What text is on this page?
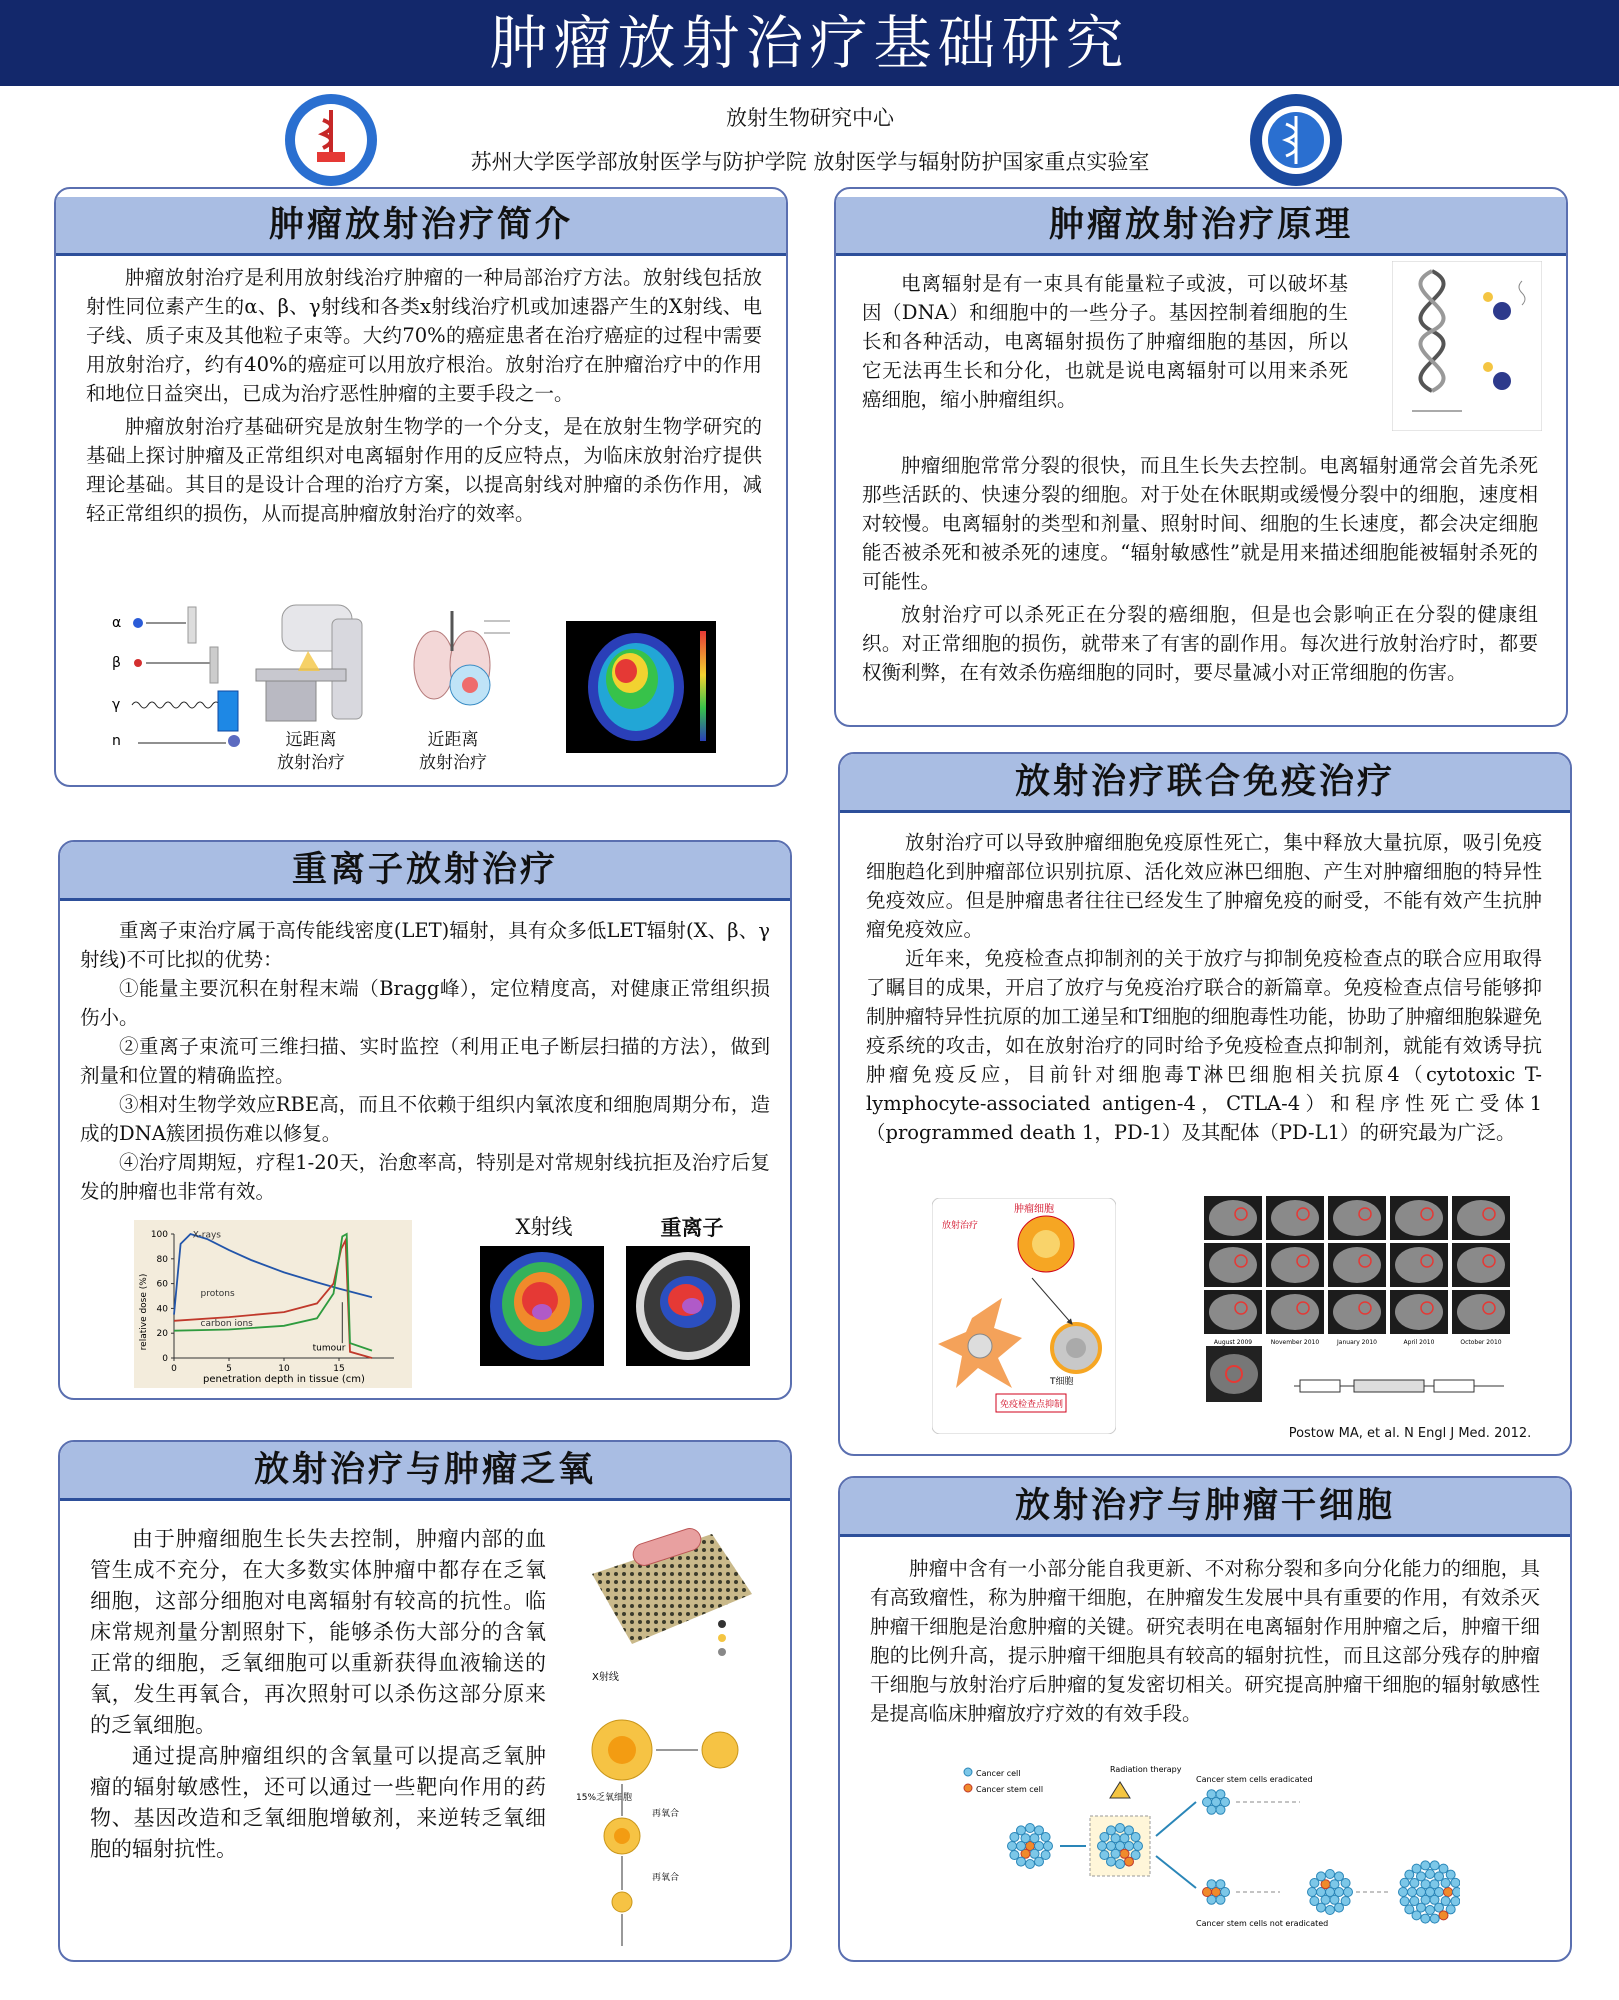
肿瘤放射治疗基础研究
放射生物研究中心
苏州大学医学部放射医学与防护学院 放射医学与辐射防护国家重点实验室
肿瘤放射治疗简介

肿瘤放射治疗是利用放射线治疗肿瘤的一种局部治疗方法。放射线包括放射性同位素产生的α、β、γ射线和各类x射线治疗机或加速器产生的X射线、电子线、质子束及其他粒子束等。大约70%的癌症患者在治疗癌症的过程中需要用放射治疗，约有40%的癌症可以用放疗根治。放射治疗在肿瘤治疗中的作用和地位日益突出，已成为治疗恶性肿瘤的主要手段之一。

肿瘤放射治疗基础研究是放射生物学的一个分支，是在放射生物学研究的基础上探讨肿瘤及正常组织对电离辐射作用的反应特点，为临床放射治疗提供理论基础。其目的是设计合理的治疗方案，以提高射线对肿瘤的杀伤作用，减轻正常组织的损伤，从而提高肿瘤放射治疗的效率。

α
β
γ
n	远距离
放射治疗
近距离
放射治疗
肿瘤放射治疗原理

电离辐射是有一束具有能量粒子或波，可以破坏基因（DNA）和细胞中的一些分子。基因控制着细胞的生长和各种活动，电离辐射损伤了肿瘤细胞的基因，所以它无法再生长和分化，也就是说电离辐射可以用来杀死癌细胞，缩小肿瘤组织。

肿瘤细胞常常分裂的很快，而且生长失去控制。电离辐射通常会首先杀死那些活跃的、快速分裂的细胞。对于处在休眠期或缓慢分裂中的细胞，速度相对较慢。电离辐射的类型和剂量、照射时间、细胞的生长速度，都会决定细胞能否被杀死和被杀死的速度。“辐射敏感性”就是用来描述细胞能被辐射杀死的可能性。

放射治疗可以杀死正在分裂的癌细胞，但是也会影响正在分裂的健康组织。对正常细胞的损伤，就带来了有害的副作用。每次进行放射治疗时，都要权衡利弊，在有效杀伤癌细胞的同时，要尽量减小对正常细胞的伤害。

重离子放射治疗

重离子束治疗属于高传能线密度(LET)辐射，具有众多低LET辐射(X、β、γ射线)不可比拟的优势：

①能量主要沉积在射程末端（Bragg峰），定位精度高，对健康正常组织损伤小。

②重离子束流可三维扫描、实时监控（利用正电子断层扫描的方法），做到剂量和位置的精确监控。

③相对生物学效应RBE高，而且不依赖于组织内氧浓度和细胞周期分布，造成的DNA簇团损伤难以修复。

④治疗周期短，疗程1-20天，治愈率高，特别是对常规射线抗拒及治疗后复发的肿瘤也非常有效。

relative dose (%)
penetration depth in tissue (cm)
0
20
40
60
80
100
0	5	10	15
X-rays
protons
carbon ions
tumour
X射线	重离子
放射治疗联合免疫治疗

放射治疗可以导致肿瘤细胞免疫原性死亡，集中释放大量抗原，吸引免疫细胞趋化到肿瘤部位识别抗原、活化效应淋巴细胞、产生对肿瘤细胞的特异性免疫效应。但是肿瘤患者往往已经发生了肿瘤免疫的耐受，不能有效产生抗肿瘤免疫效应。

近年来，免疫检查点抑制剂的关于放疗与抑制免疫检查点的联合应用取得了瞩目的成果，开启了放疗与免疫治疗联合的新篇章。免疫检查点信号能够抑制肿瘤特异性抗原的加工递呈和T细胞的细胞毒性功能，协助了肿瘤细胞躲避免疫系统的攻击，如在放射治疗的同时给予免疫检查点抑制剂，就能有效诱导抗肿瘤免疫反应，目前针对细胞毒T淋巴细胞相关抗原4（cytotoxic T-lymphocyte-associated antigen-4，CTLA-4）和程序性死亡受体1（programmed death 1，PD-1）及其配体（PD-L1）的研究最为广泛。

肿瘤细胞
放射治疗
T细胞
免疫检查点抑制
August 2009	November 2010	January 2010	April 2010	October 2010
Postow MA, et al. N Engl J Med. 2012.
放射治疗与肿瘤乏氧

由于肿瘤细胞生长失去控制，肿瘤内部的血管生成不充分，在大多数实体肿瘤中都存在乏氧细胞，这部分细胞对电离辐射有较高的抗性。临床常规剂量分割照射下，能够杀伤大部分的含氧正常的细胞，乏氧细胞可以重新获得血液输送的氧，发生再氧合，再次照射可以杀伤这部分原来的乏氧细胞。

通过提高肿瘤组织的含氧量可以提高乏氧肿瘤的辐射敏感性，还可以通过一些靶向作用的药物、基因改造和乏氧细胞增敏剂，来逆转乏氧细胞的辐射抗性。

X射线
15%乏氧细胞
再氧合
再氧合
放射治疗与肿瘤干细胞

肿瘤中含有一小部分能自我更新、不对称分裂和多向分化能力的细胞，具有高致瘤性，称为肿瘤干细胞，在肿瘤发生发展中具有重要的作用，有效杀灭肿瘤干细胞是治愈肿瘤的关键。研究表明在电离辐射作用肿瘤之后，肿瘤干细胞的比例升高，提示肿瘤干细胞具有较高的辐射抗性，而且这部分残存的肿瘤干细胞与放射治疗后肿瘤的复发密切相关。研究提高肿瘤干细胞的辐射敏感性是提高临床肿瘤放疗疗效的有效手段。

Cancer cell
Cancer stem cell
Radiation therapy
Cancer stem cells eradicated
Cancer stem cells not eradicated
